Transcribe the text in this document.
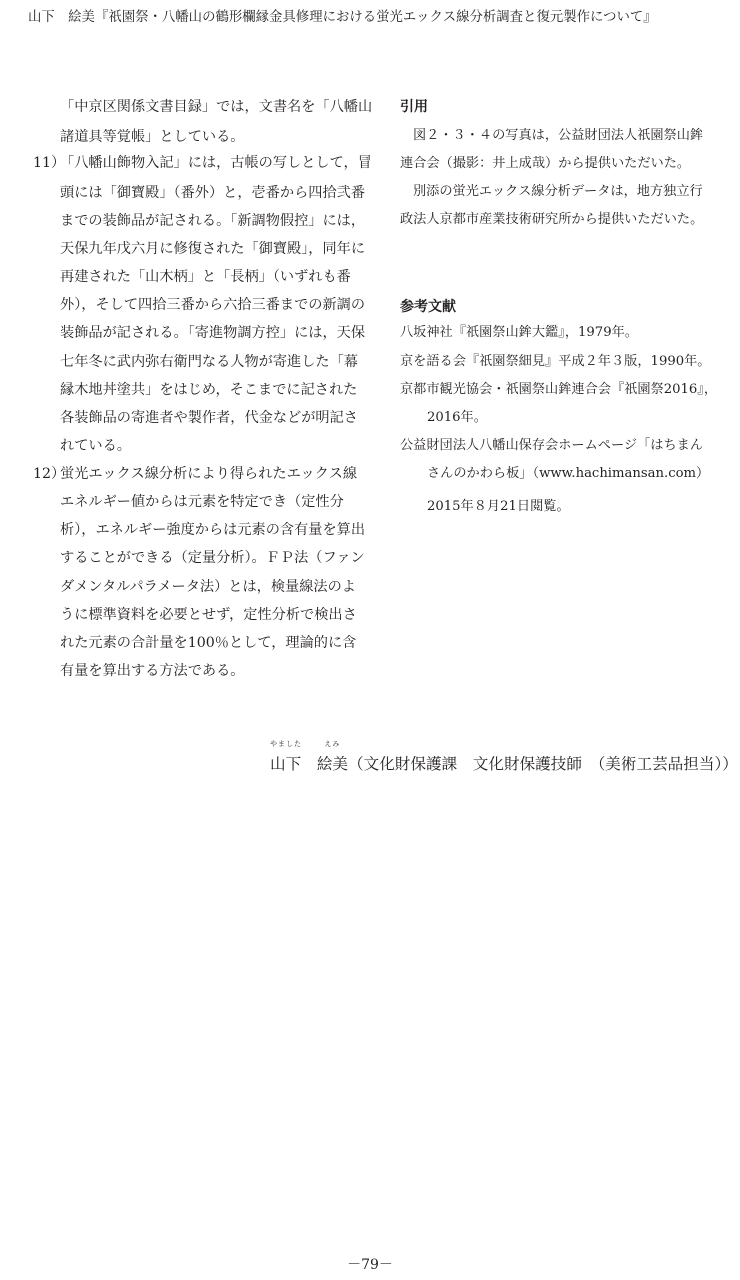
山下　絵美『祇園祭・八幡山の鶴形欄縁金具修理における蛍光エックス線分析調査と復元製作について』
「中京区関係文書目録」では，文書名を「八幡山
諸道具等覚帳」としている。
11）
「八幡山飾物入記」には，古帳の写しとして，冒
頭には「御寶殿」（番外）と，壱番から四拾弐番
までの装飾品が記される。「新調物假控」には，
天保九年戊六月に修復された「御寶殿」，同年に
再建された「山木柄」と「長柄」（いずれも番
外），そして四拾三番から六拾三番までの新調の
装飾品が記される。「寄進物調方控」には，天保
七年冬に武内弥右衛門なる人物が寄進した「幕
縁木地丼塗共」をはじめ，そこまでに記された
各装飾品の寄進者や製作者，代金などが明記さ
れている。
12）
蛍光エックス線分析により得られたエックス線
エネルギー値からは元素を特定でき（定性分
析），エネルギー強度からは元素の含有量を算出
することができる（定量分析）。ＦＰ法（ファン
ダメンタルパラメータ法）とは，検量線法のよ
うに標準資料を必要とせず，定性分析で検出さ
れた元素の合計量を100％として，理論的に含
有量を算出する方法である。
引用
図２・３・４の写真は，公益財団法人祇園祭山鉾
連合会（撮影：井上成哉）から提供いただいた。
別添の蛍光エックス線分析データは，地方独立行
政法人京都市産業技術研究所から提供いただいた。
参考文献
八坂神社『祇園祭山鉾大鑑』，1979年。
京を語る会『祇園祭細見』平成２年３版，1990年。
京都市観光協会・祇園祭山鉾連合会『祇園祭2016』，
2016年。
公益財団法人八幡山保存会ホームページ「はちまん
さんのかわら板」（www.hachimansan.com）
2015年８月21日閲覧。
やました
山下　
えみ
絵美（文化財保護課　文化財保護技師　（美術工芸品担当））
－79－
